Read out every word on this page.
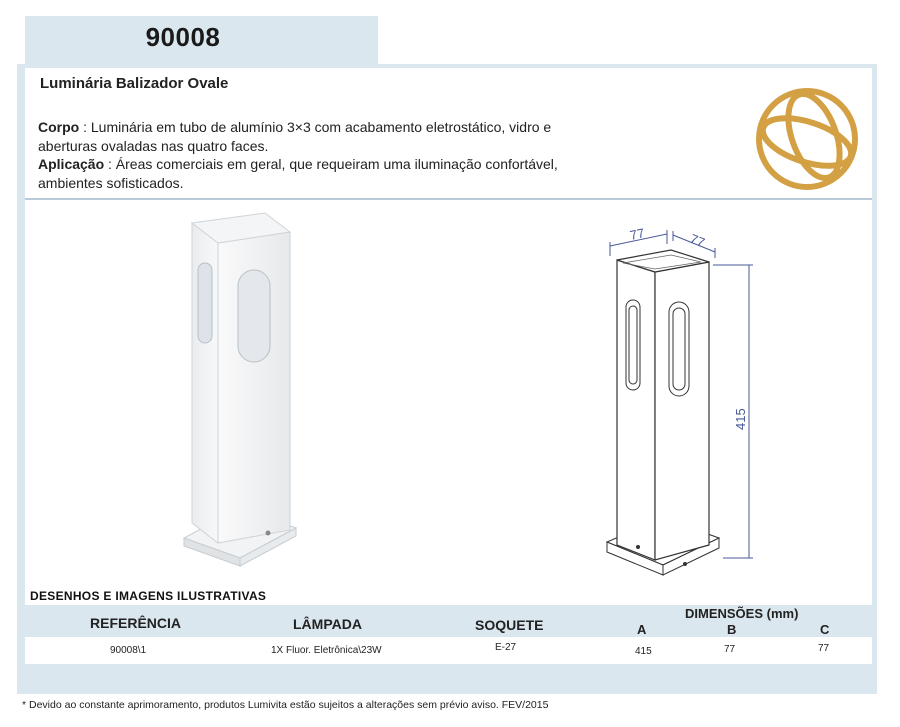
90008
Luminária Balizador Ovale
Corpo : Luminária em tubo de alumínio 3×3 com acabamento eletrostático, vidro e aberturas ovaladas nas quatro faces.
Aplicação : Áreas comerciais em geral, que requeiram uma iluminação confortável, ambientes sofisticados.
77	77
415
DESENHOS E IMAGENS ILUSTRATIVAS
REFERÊNCIA	LÂMPADA	SOQUETE
DIMENSÕES (mm)
A	B	C
90008\1	1X Fluor. Eletrônica\23W	E-27	415	77	77
* Devido ao constante aprimoramento, produtos Lumivita estão sujeitos a alterações sem prévio aviso. FEV/2015
